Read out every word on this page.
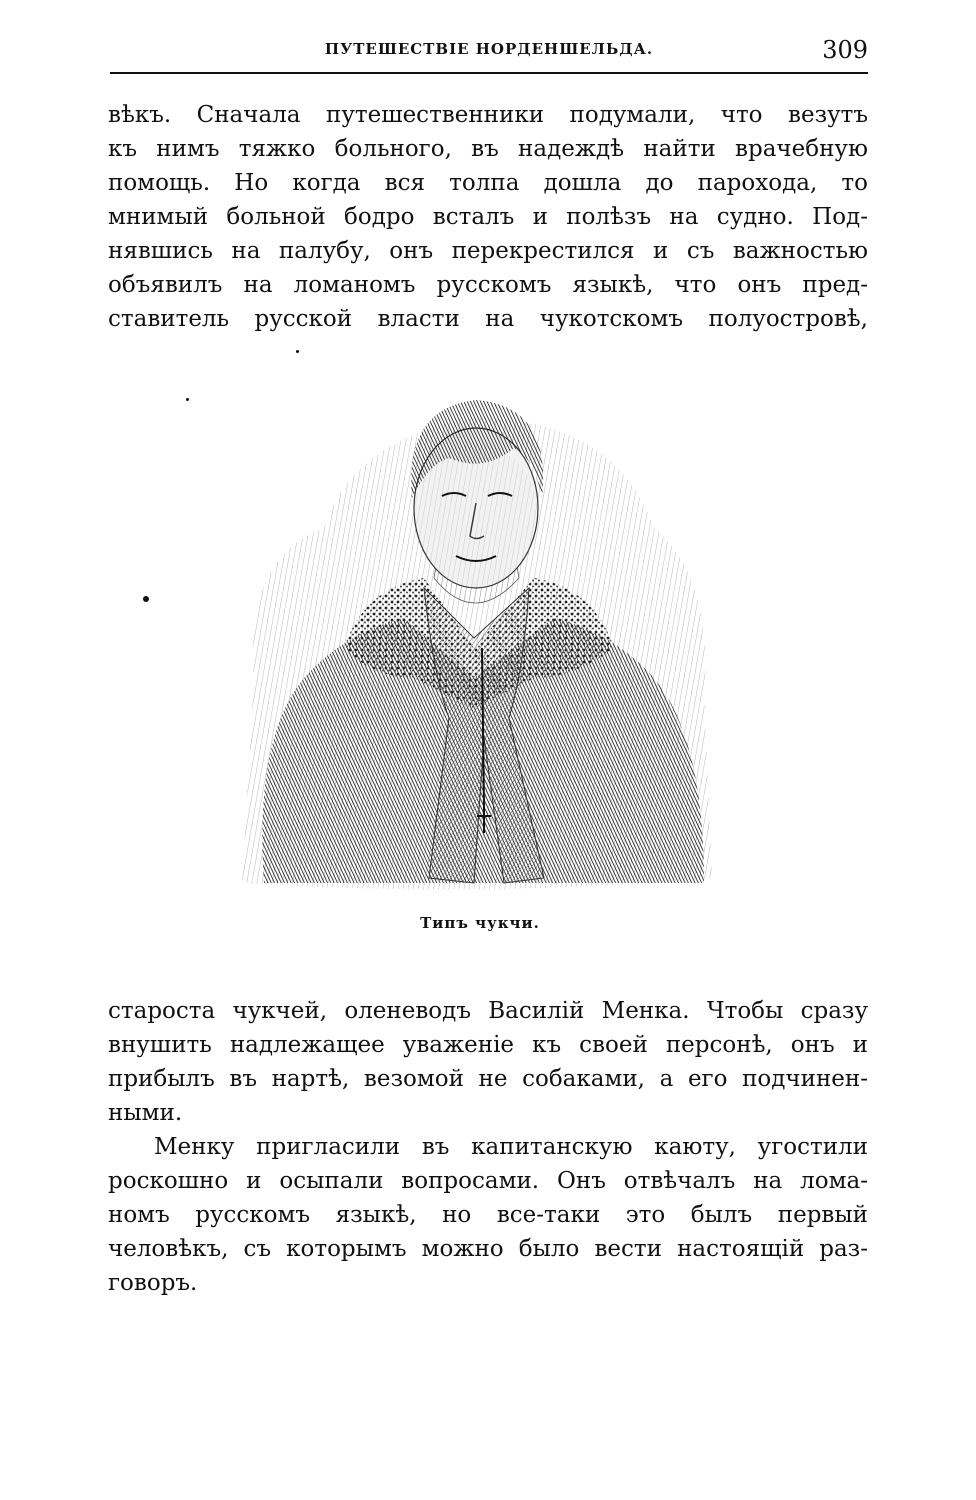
ПУТЕШЕСТВІЕ НОРДЕНШЕЛЬДА.	309

вѣкъ. Сначала путешественники подумали, что везутъ
къ нимъ тяжко больного, въ надеждѣ найти врачебную
помощь. Но когда вся толпа дошла до парохода, то
мнимый больной бодро всталъ и полѣзъ на судно. Под-
нявшись на палубу, онъ перекрестился и съ важностью
объявилъ на ломаномъ русскомъ языкѣ, что онъ пред-
ставитель русской власти на чукотскомъ полуостровѣ,

Типъ чукчи.

староста чукчей, оленеводъ Василій Менка. Чтобы сразу
внушить надлежащее уваженіе къ своей персонѣ, онъ и
прибылъ въ нартѣ, везомой не собаками, а его подчинен-
ными.

Менку пригласили въ капитанскую каюту, угостили
роскошно и осыпали вопросами. Онъ отвѣчалъ на лома-
номъ русскомъ языкѣ, но все-таки это былъ первый
человѣкъ, съ которымъ можно было вести настоящій раз-
говоръ.
